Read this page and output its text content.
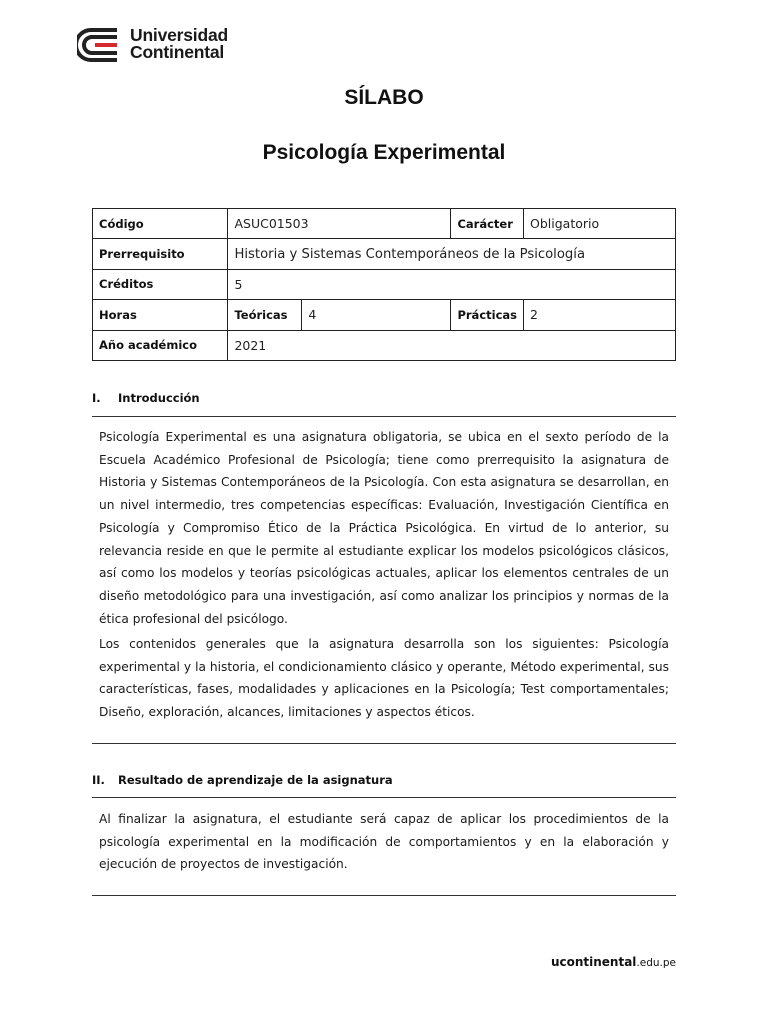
Universidad
Continental
SÍLABO
Psicología Experimental
Código	ASUC01503		Carácter	Obligatorio
Prerrequisito	Historia y Sistemas Contemporáneos de la Psicología			
Créditos	5			
Horas	Teóricas	4	Prácticas	2
Año académico	2021			
I. Introducción

Psicología Experimental es una asignatura obligatoria, se ubica en el sexto período de la Escuela Académico Profesional de Psicología; tiene como prerrequisito la asignatura de Historia y Sistemas Contemporáneos de la Psicología. Con esta asignatura se desarrollan, en un nivel intermedio, tres competencias específicas: Evaluación, Investigación Científica en Psicología y Compromiso Ético de la Práctica Psicológica. En virtud de lo anterior, su relevancia reside en que le permite al estudiante explicar los modelos psicológicos clásicos, así como los modelos y teorías psicológicas actuales, aplicar los elementos centrales de un diseño metodológico para una investigación, así como analizar los principios y normas de la ética profesional del psicólogo.

Los contenidos generales que la asignatura desarrolla son los siguientes: Psicología experimental y la historia, el condicionamiento clásico y operante, Método experimental, sus características, fases, modalidades y aplicaciones en la Psicología; Test comportamentales; Diseño, exploración, alcances, limitaciones y aspectos éticos.

II. Resultado de aprendizaje de la asignatura

Al finalizar la asignatura, el estudiante será capaz de aplicar los procedimientos de la psicología experimental en la modificación de comportamientos y en la elaboración y ejecución de proyectos de investigación.

ucontinental.edu.pe
